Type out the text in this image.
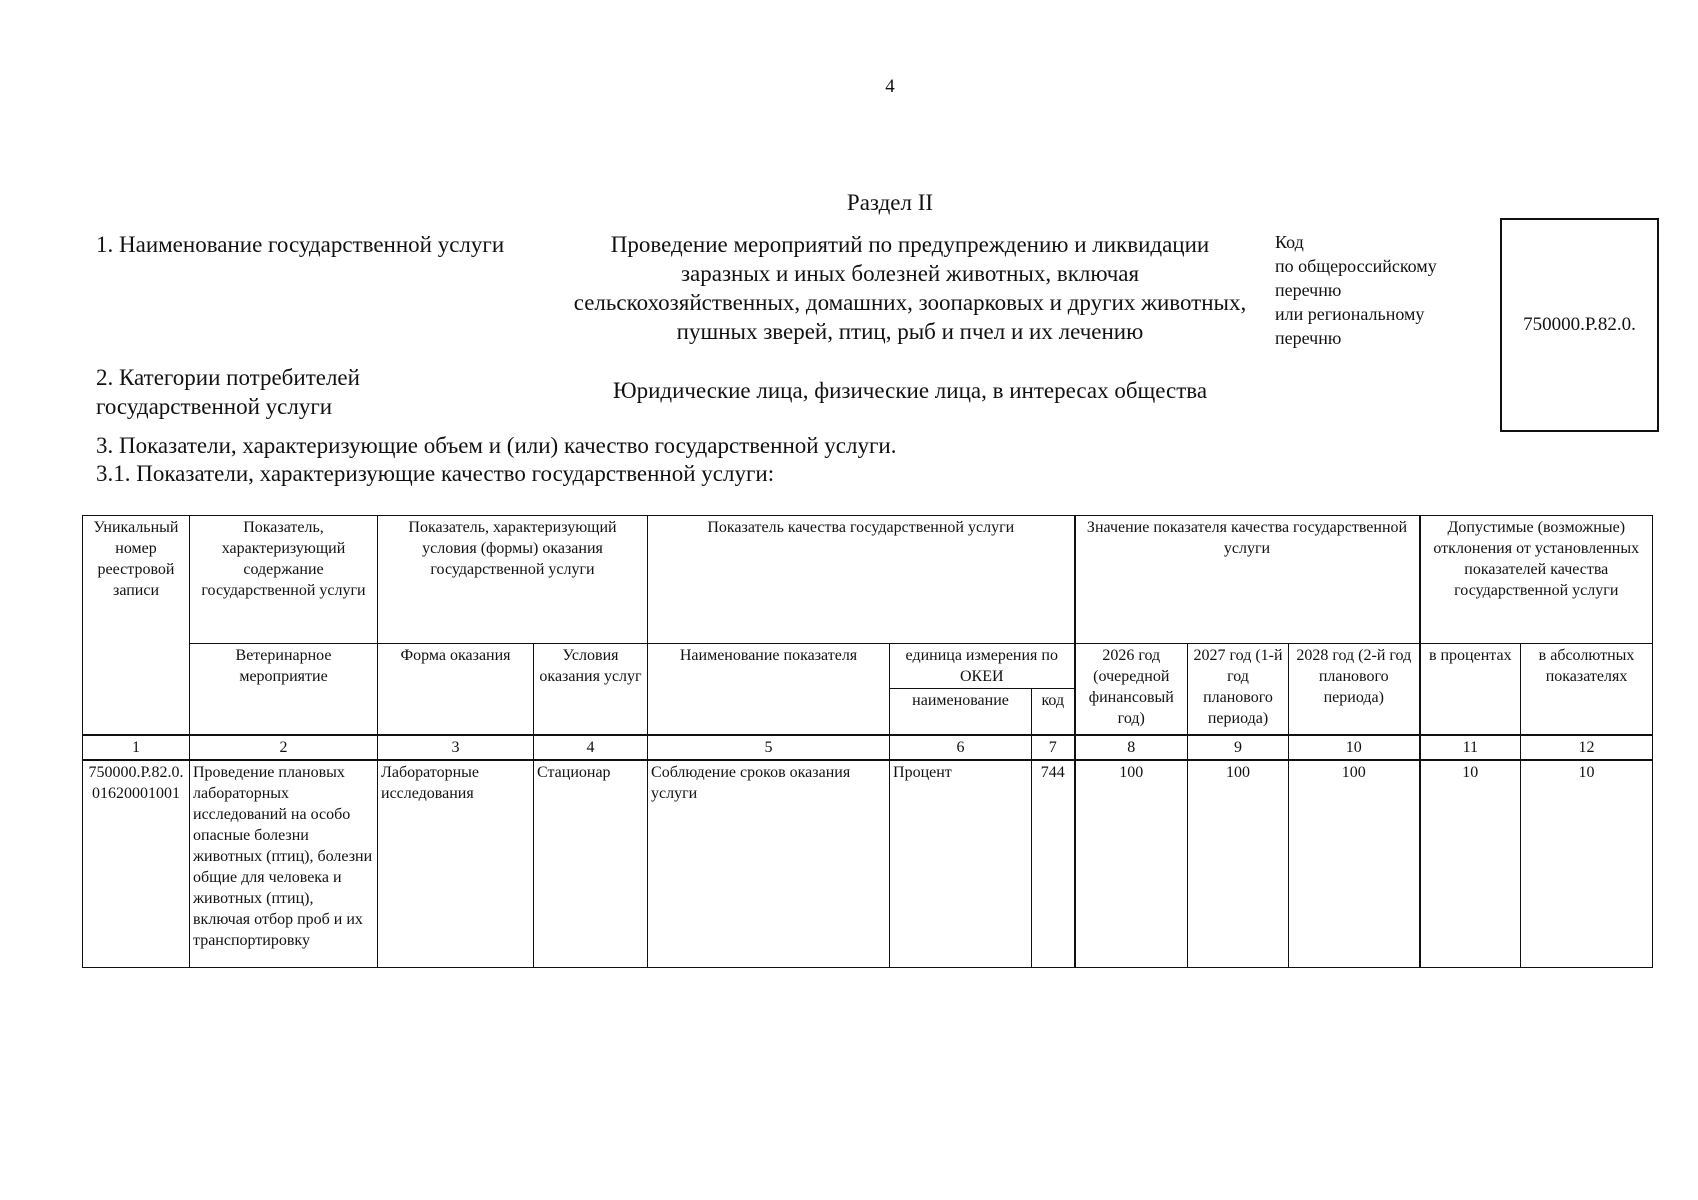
4
Раздел II
1. Наименование государственной услуги	Проведение мероприятий по предупреждению и ликвидации заразных и иных болезней животных, включая сельскохозяйственных, домашних, зоопарковых и других животных, пушных зверей, птиц, рыб и пчел и их лечению
Код
по общероссийскому
перечню
или региональному
перечню
750000.Р.82.0.
2. Категории потребителей государственной услуги
Юридические лица, физические лица, в интересах общества
3. Показатели, характеризующие объем и (или) качество государственной услуги.
3.1. Показатели, характеризующие качество государственной услуги:
Уникальный номер реестровой записи	Показатель, характеризующий содержание государственной услуги	Показатель, характеризующий условия (формы) оказания государственной услуги		Показатель качества государственной услуги			Значение показателя качества государственной услуги			Допустимые (возможные) отклонения от установленных показателей качества государственной услуги	
	Ветеринарное мероприятие	Форма оказания	Условия оказания услуг	Наименование показателя	единица измерения по ОКЕИ		2026 год (очередной финансовый год)	2027 год (1-й год планового периода)	2028 год (2-й год планового периода)	в процентах	в абсолютных показателях
					наименование	код					
1	2	3	4	5	6	7	8	9	10	11	12
750000.Р.82.0.01620001001	Проведение плановых лабораторных исследований на особо опасные болезни животных (птиц), болезни общие для человека и животных (птиц), включая отбор проб и их транспортировку	Лабораторные исследования	Стационар	Соблюдение сроков оказания услуги	Процент	744	100	100	100	10	10
